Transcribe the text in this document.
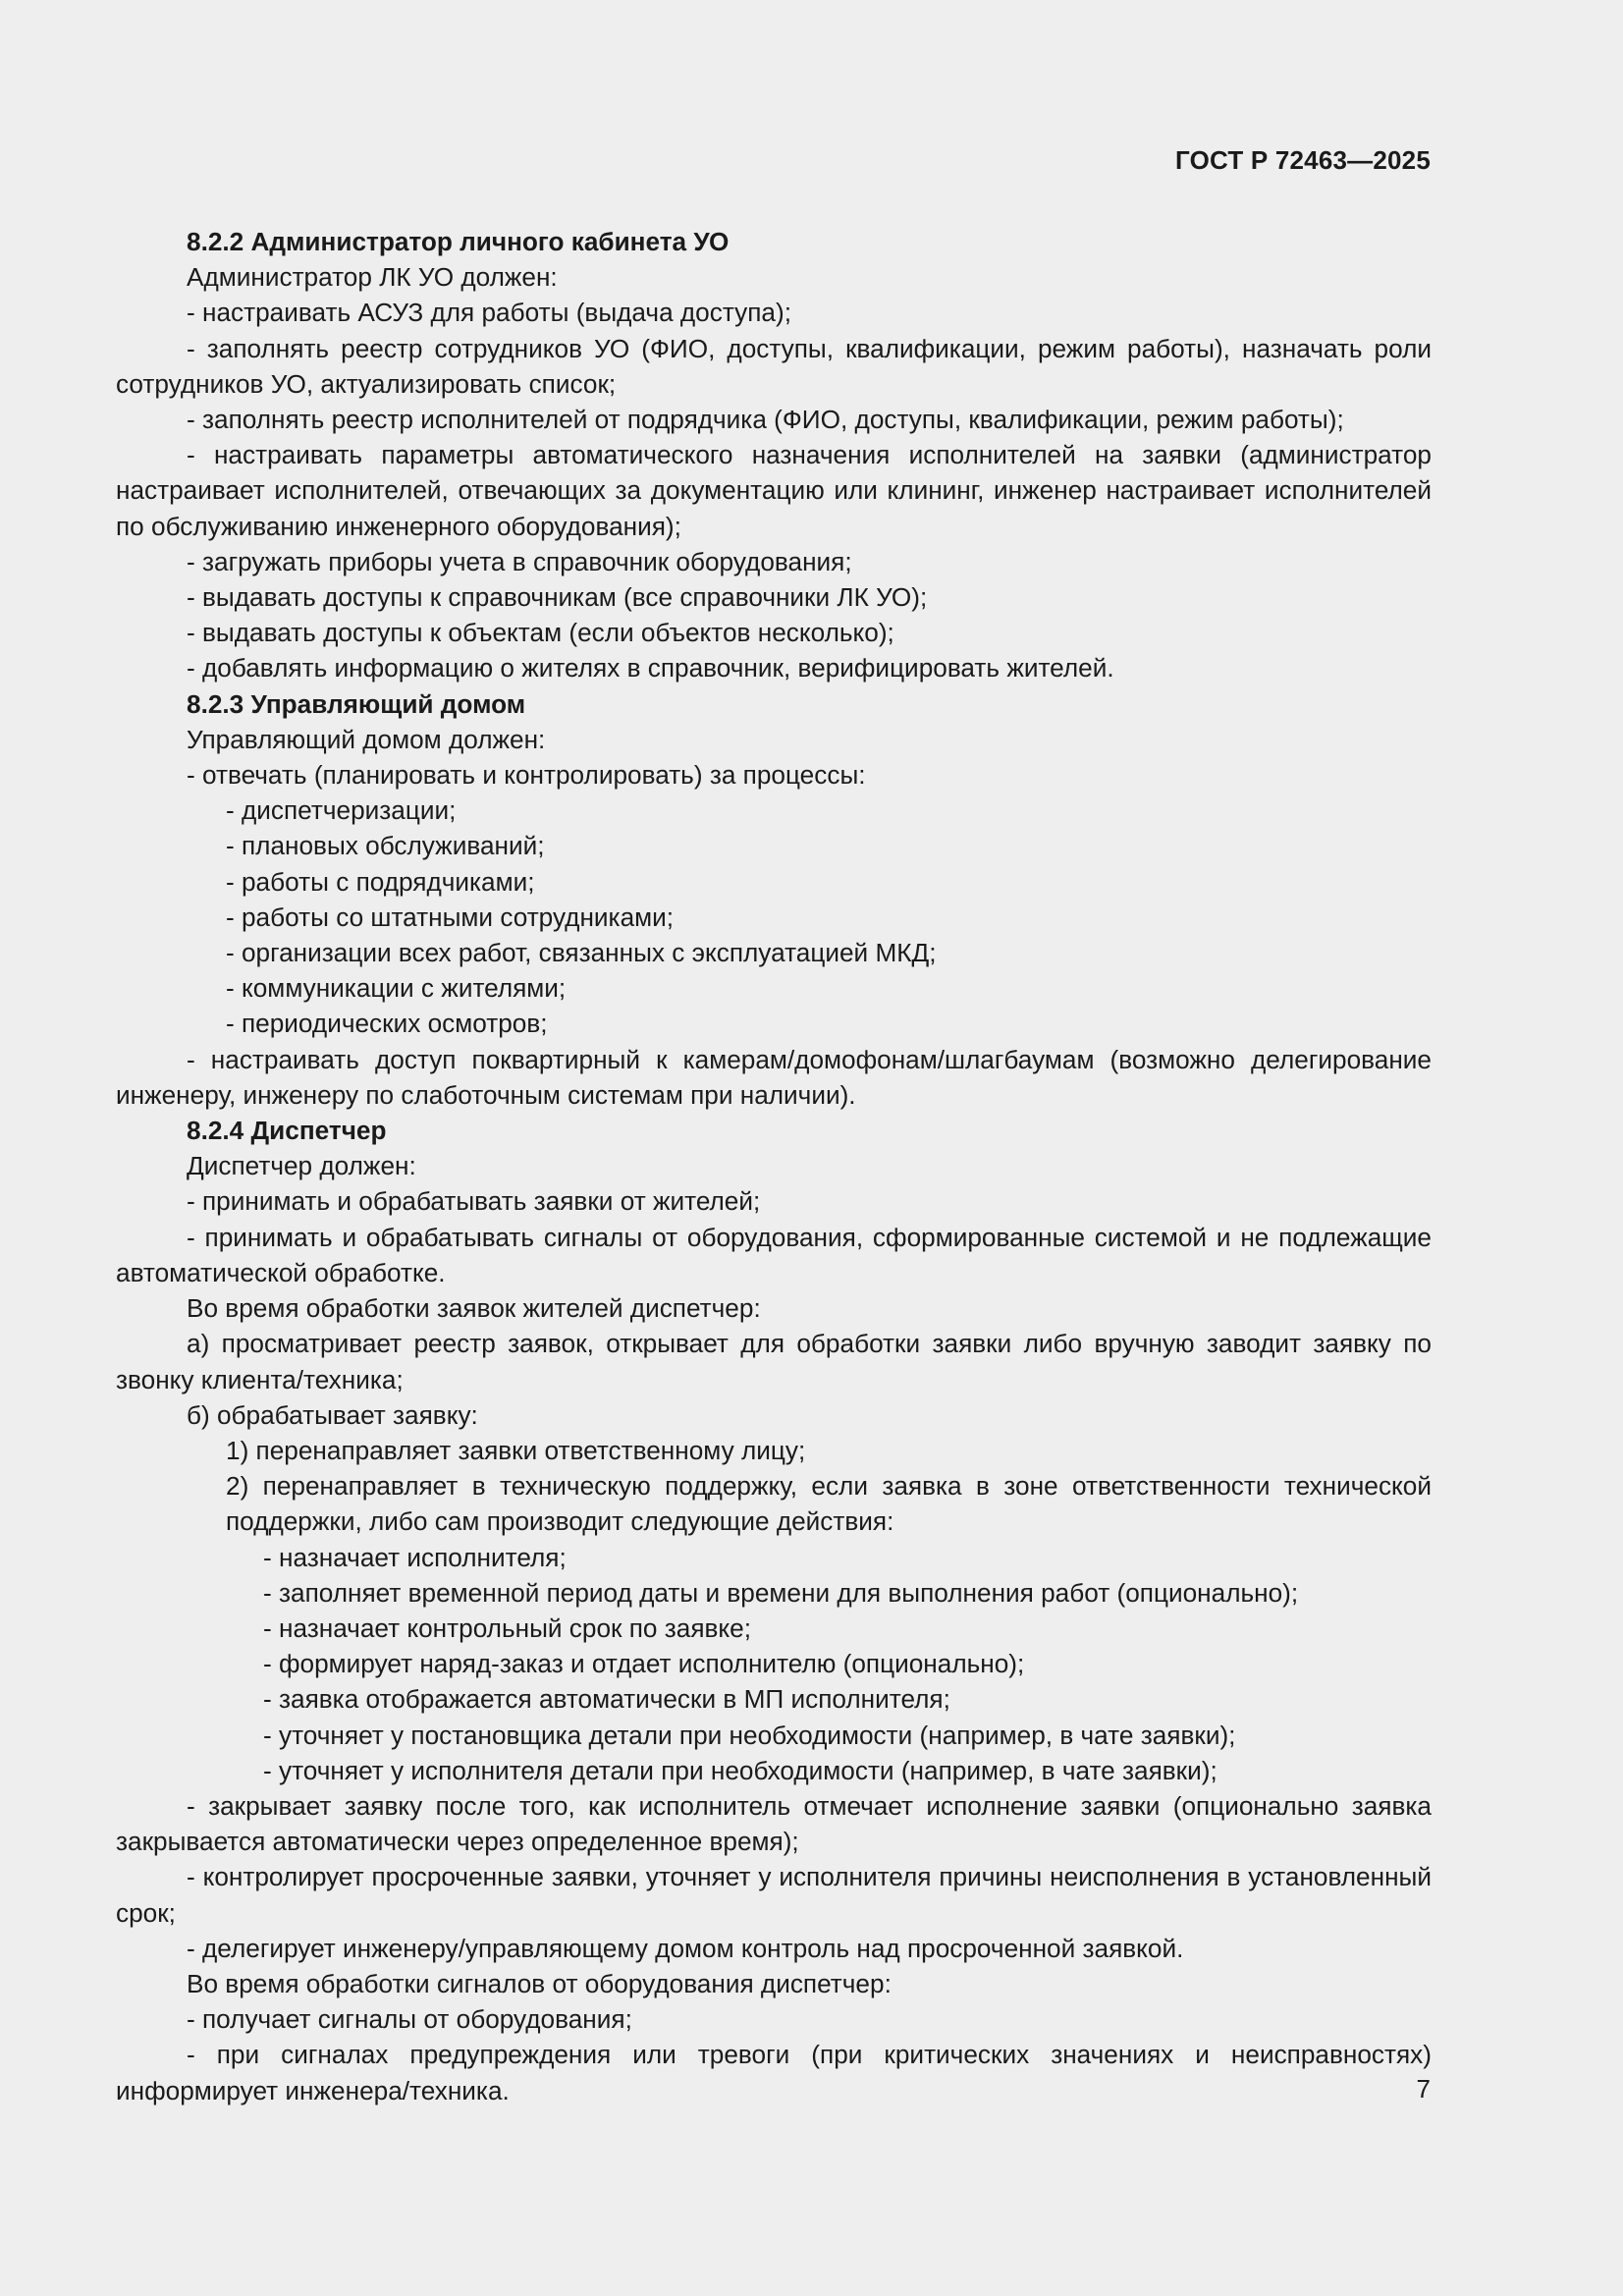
ГОСТ Р 72463—2025

8.2.2 Администратор личного кабинета УО

Администратор ЛК УО должен:

- настраивать АСУЗ для работы (выдача доступа);

- заполнять реестр сотрудников УО (ФИО, доступы, квалификации, режим работы), назначать роли сотрудников УО, актуализировать список;

- заполнять реестр исполнителей от подрядчика (ФИО, доступы, квалификации, режим работы);

- настраивать параметры автоматического назначения исполнителей на заявки (администратор настраивает исполнителей, отвечающих за документацию или клининг, инженер настраивает исполнителей по обслуживанию инженерного оборудования);

- загружать приборы учета в справочник оборудования;

- выдавать доступы к справочникам (все справочники ЛК УО);

- выдавать доступы к объектам (если объектов несколько);

- добавлять информацию о жителях в справочник, верифицировать жителей.

8.2.3 Управляющий домом

Управляющий домом должен:

- отвечать (планировать и контролировать) за процессы:

- диспетчеризации;

- плановых обслуживаний;

- работы с подрядчиками;

- работы со штатными сотрудниками;

- организации всех работ, связанных с эксплуатацией МКД;

- коммуникации с жителями;

- периодических осмотров;

- настраивать доступ поквартирный к камерам/домофонам/шлагбаумам (возможно делегирование инженеру, инженеру по слаботочным системам при наличии).

8.2.4 Диспетчер

Диспетчер должен:

- принимать и обрабатывать заявки от жителей;

- принимать и обрабатывать сигналы от оборудования, сформированные системой и не подлежащие автоматической обработке.

Во время обработки заявок жителей диспетчер:

а) просматривает реестр заявок, открывает для обработки заявки либо вручную заводит заявку по звонку клиента/техника;

б) обрабатывает заявку:

1) перенаправляет заявки ответственному лицу;

2) перенаправляет в техническую поддержку, если заявка в зоне ответственности технической поддержки, либо сам производит следующие действия:

- назначает исполнителя;

- заполняет временной период даты и времени для выполнения работ (опционально);

- назначает контрольный срок по заявке;

- формирует наряд-заказ и отдает исполнителю (опционально);

- заявка отображается автоматически в МП исполнителя;

- уточняет у постановщика детали при необходимости (например, в чате заявки);

- уточняет у исполнителя детали при необходимости (например, в чате заявки);

- закрывает заявку после того, как исполнитель отмечает исполнение заявки (опционально заявка закрывается автоматически через определенное время);

- контролирует просроченные заявки, уточняет у исполнителя причины неисполнения в установленный срок;

- делегирует инженеру/управляющему домом контроль над просроченной заявкой.

Во время обработки сигналов от оборудования диспетчер:

- получает сигналы от оборудования;

- при сигналах предупреждения или тревоги (при критических значениях и неисправностях) информирует инженера/техника.	7
